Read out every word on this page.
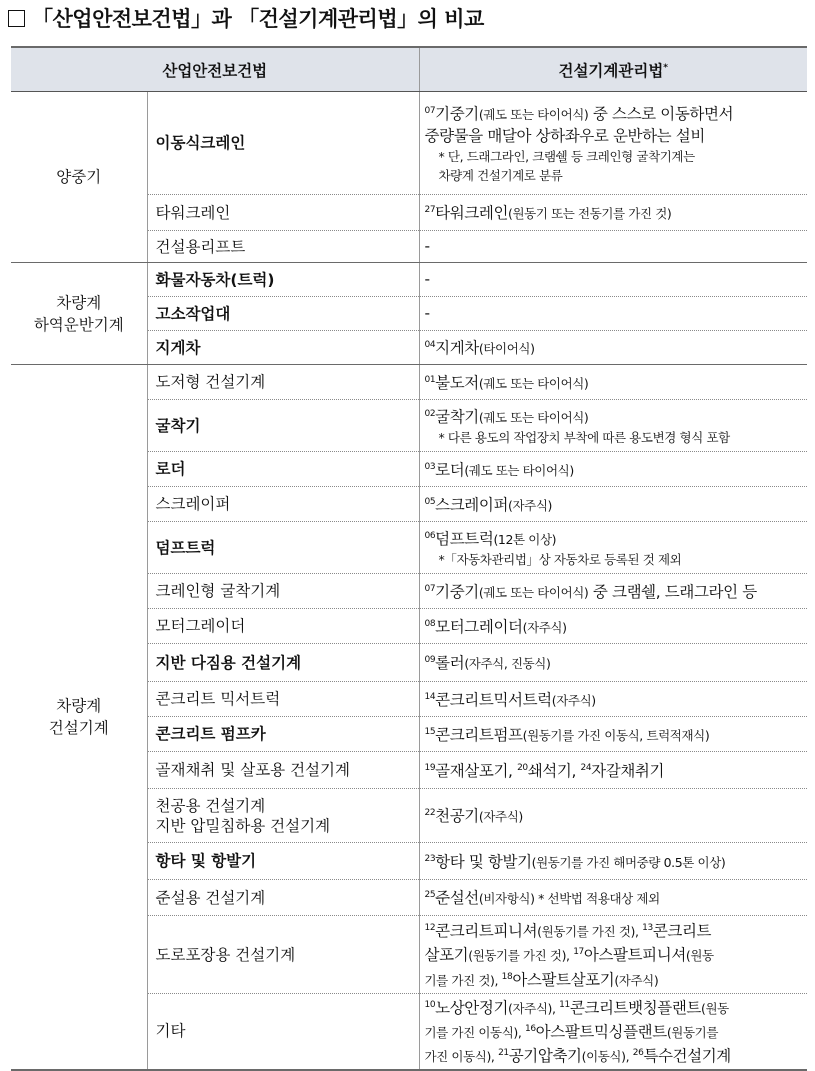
「산업안전보건법」과 「건설기계관리법」의 비교
산업안전보건법		건설기계관리법*
양중기	이동식크레인	$^{07}$기중기(궤도 또는 타이어식) 중 스스로 이동하면서
중량물을 매달아 상하좌우로 운반하는 설비
* 단, 드래그라인, 크램쉘 등 크레인형 굴착기계는
차량계 건설기계로 분류

	타워크레인	$^{27}$타워크레인(원동기 또는 전동기를 가진 것)

	건설용리프트	-

차량계
하역운반기계	화물자동차(트럭)	-

	고소작업대	-

	지게차	$^{04}$지게차(타이어식)

차량계
건설기계	도저형 건설기계	$^{01}$불도저(궤도 또는 타이어식)

	굴착기	$^{02}$굴착기(궤도 또는 타이어식)
* 다른 용도의 작업장치 부착에 따른 용도변경 형식 포함

	로더	$^{03}$로더(궤도 또는 타이어식)

	스크레이퍼	$^{05}$스크레이퍼(자주식)

	덤프트럭	$^{06}$덤프트럭(12톤 이상)
*「자동차관리법」상 자동차로 등록된 것 제외

	크레인형 굴착기계	$^{07}$기중기(궤도 또는 타이어식) 중 크램쉘, 드래그라인 등

	모터그레이더	$^{08}$모터그레이더(자주식)

	지반 다짐용 건설기계	$^{09}$롤러(자주식, 진동식)

	콘크리트 믹서트럭	$^{14}$콘크리트믹서트럭(자주식)

	콘크리트 펌프카	$^{15}$콘크리트펌프(원동기를 가진 이동식, 트럭적재식)

	골재채취 및 살포용 건설기계	$^{19}$골재살포기, $^{20}$쇄석기, $^{24}$자갈채취기

	천공용 건설기계
지반 압밀침하용 건설기계	$^{22}$천공기(자주식)

	항타 및 항발기	$^{23}$항타 및 항발기(원동기를 가진 해머중량 0.5톤 이상)

	준설용 건설기계	$^{25}$준설선(비자항식) * 선박법 적용대상 제외

	도로포장용 건설기계	$^{12}$콘크리트피니셔(원동기를 가진 것), $^{13}$콘크리트
살포기(원동기를 가진 것), $^{17}$아스팔트피니셔(원동
기를 가진 것), $^{18}$아스팔트살포기(자주식)

	기타	$^{10}$노상안정기(자주식), $^{11}$콘크리트뱃칭플랜트(원동
기를 가진 이동식), $^{16}$아스팔트믹싱플랜트(원동기를
가진 이동식), $^{21}$공기압축기(이동식), $^{26}$특수건설기계
